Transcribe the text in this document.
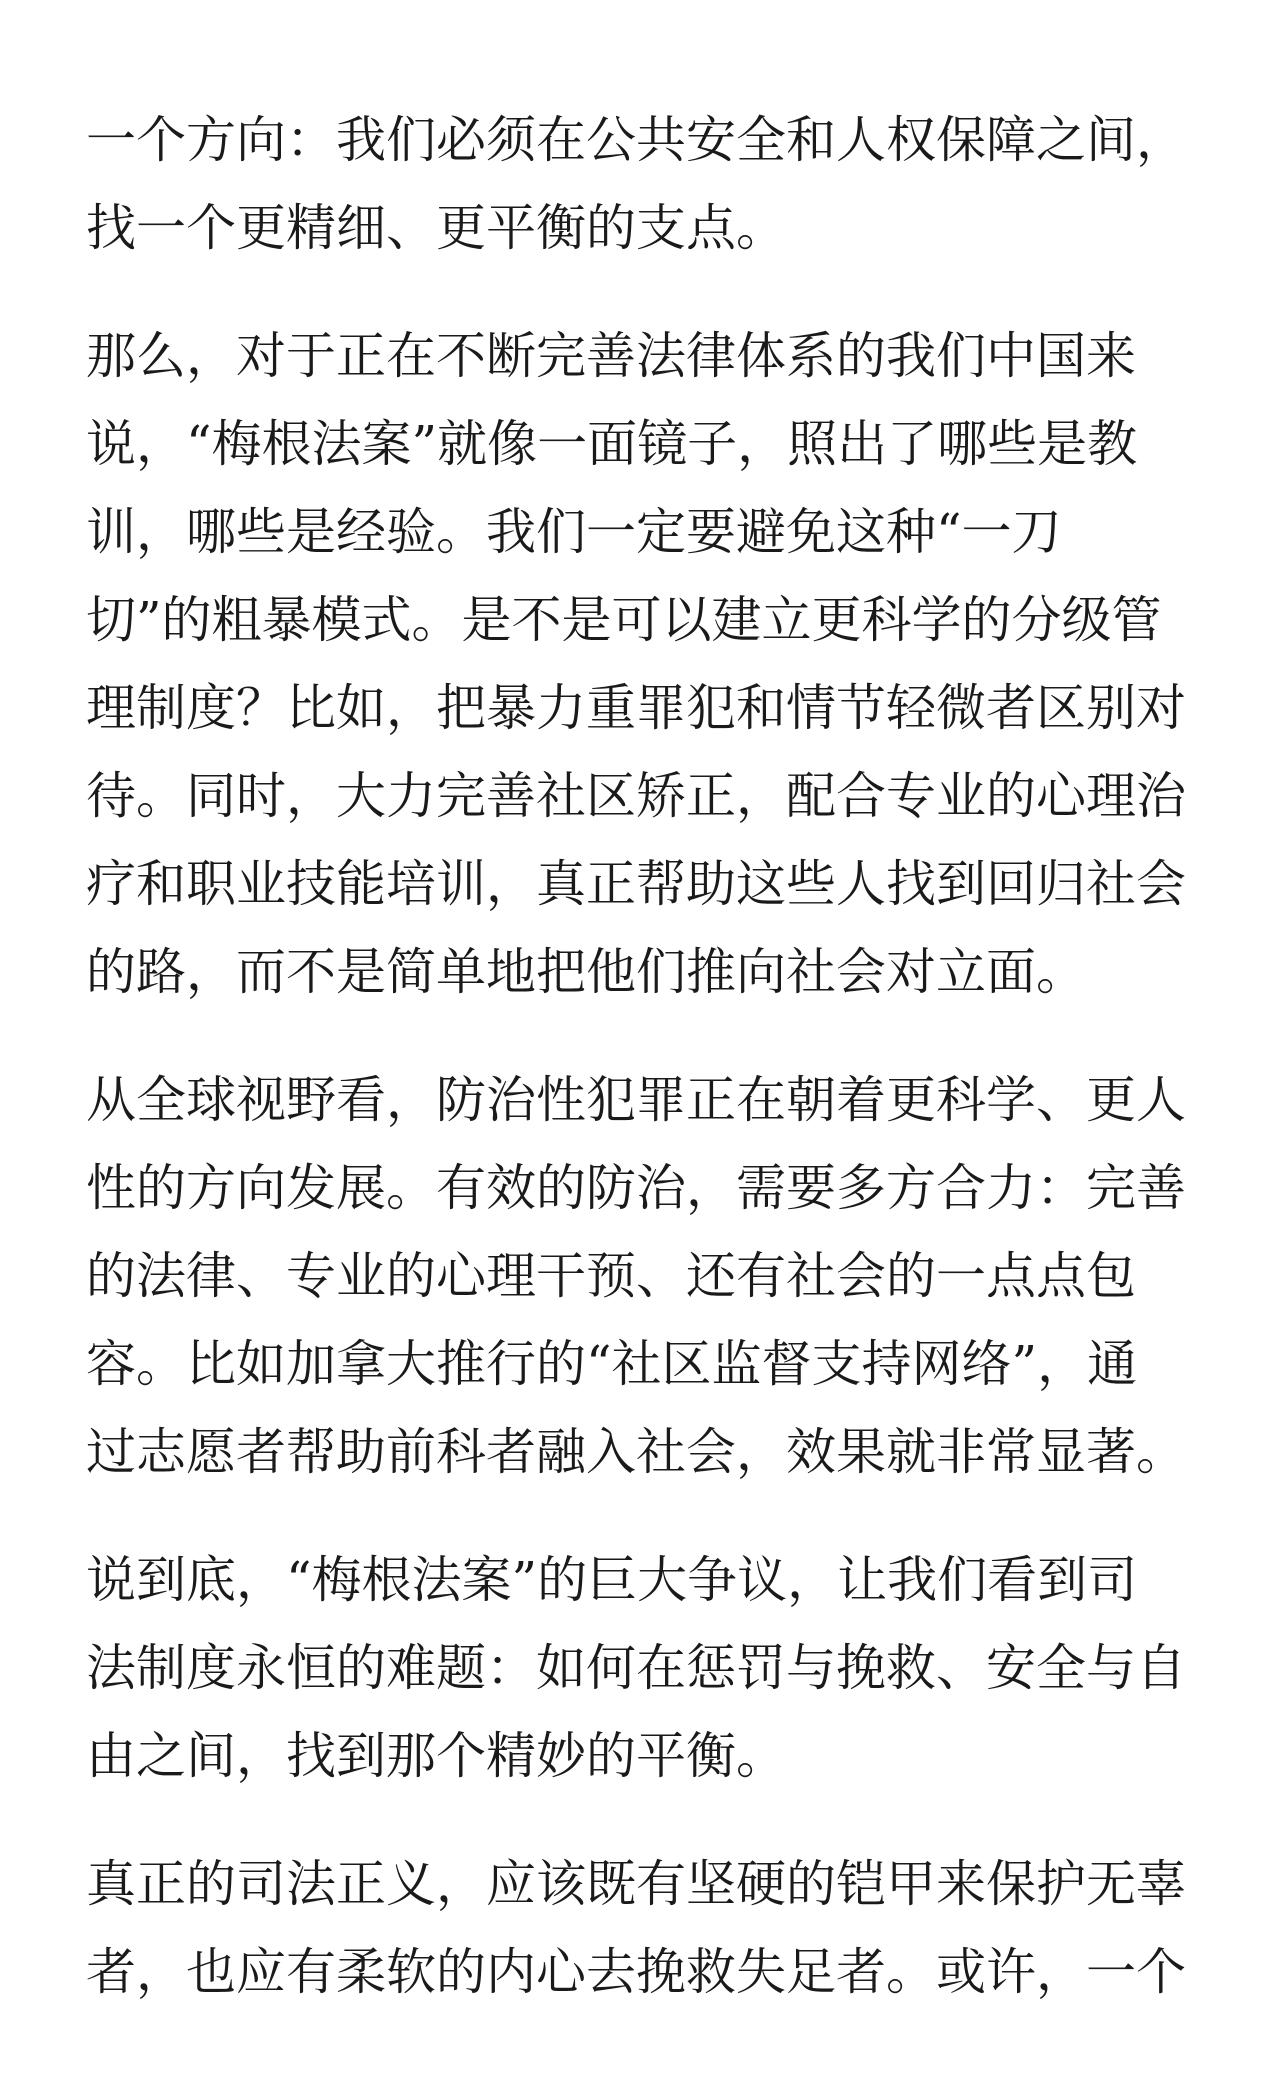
一个方向：我们必须在公共安全和人权保障之间，
找一个更精细、更平衡的支点。

那么，对于正在不断完善法律体系的我们中国来
说，“梅根法案”就像一面镜子，照出了哪些是教
训，哪些是经验。我们一定要避免这种“一刀
切”的粗暴模式。是不是可以建立更科学的分级管
理制度？比如，把暴力重罪犯和情节轻微者区别对
待。同时，大力完善社区矫正，配合专业的心理治
疗和职业技能培训，真正帮助这些人找到回归社会
的路，而不是简单地把他们推向社会对立面。

从全球视野看，防治性犯罪正在朝着更科学、更人
性的方向发展。有效的防治，需要多方合力：完善
的法律、专业的心理干预、还有社会的一点点包
容。比如加拿大推行的“社区监督支持网络”，通
过志愿者帮助前科者融入社会，效果就非常显著。

说到底，“梅根法案”的巨大争议，让我们看到司
法制度永恒的难题：如何在惩罚与挽救、安全与自
由之间，找到那个精妙的平衡。

真正的司法正义，应该既有坚硬的铠甲来保护无辜
者，也应有柔软的内心去挽救失足者。或许，一个
